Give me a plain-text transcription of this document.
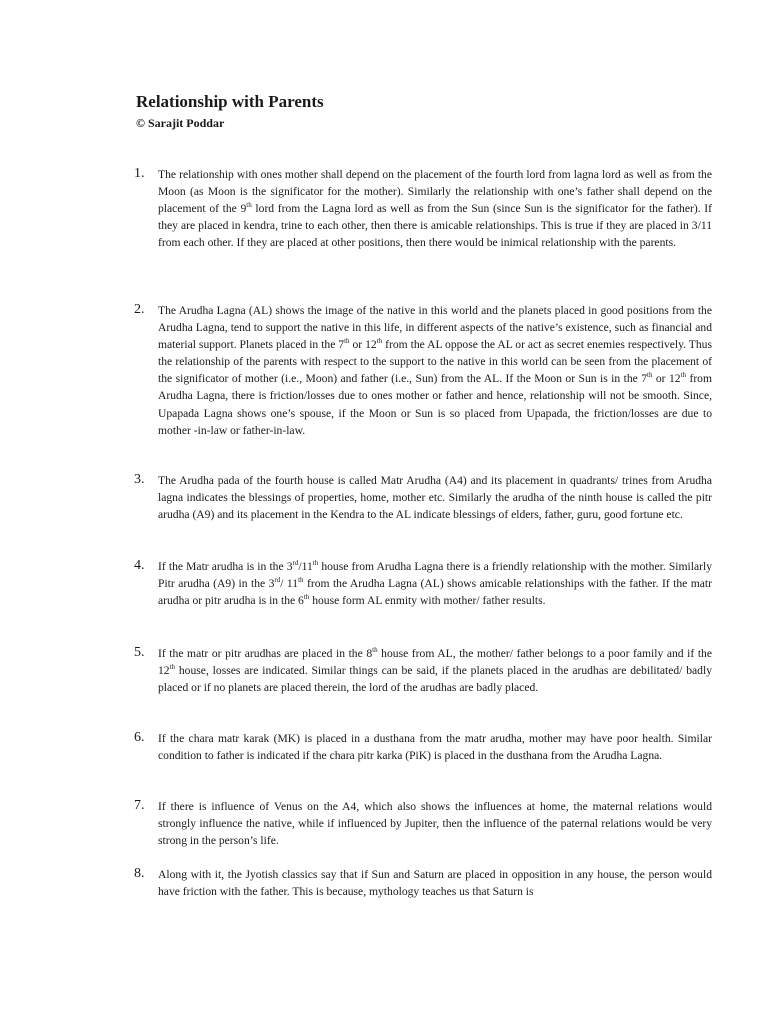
Relationship with Parents
© Sarajit Poddar
1. The relationship with ones mother shall depend on the placement of the fourth lord from lagna lord as well as from the Moon (as Moon is the significator for the mother). Similarly the relationship with one’s father shall depend on the placement of the 9th lord from the Lagna lord as well as from the Sun (since Sun is the significator for the father). If they are placed in kendra, trine to each other, then there is amicable relationships. This is true if they are placed in 3/11 from each other. If they are placed at other positions, then there would be inimical relationship with the parents.
2. The Arudha Lagna (AL) shows the image of the native in this world and the planets placed in good positions from the Arudha Lagna, tend to support the native in this life, in different aspects of the native’s existence, such as financial and material support. Planets placed in the 7th or 12th from the AL oppose the AL or act as secret enemies respectively. Thus the relationship of the parents with respect to the support to the native in this world can be seen from the placement of the significator of mother (i.e., Moon) and father (i.e., Sun) from the AL. If the Moon or Sun is in the 7th or 12th from Arudha Lagna, there is friction/losses due to ones mother or father and hence, relationship will not be smooth. Since, Upapada Lagna shows one’s spouse, if the Moon or Sun is so placed from Upapada, the friction/losses are due to mother -in-law or father-in-law.
3. The Arudha pada of the fourth house is called Matr Arudha (A4) and its placement in quadrants/ trines from Arudha lagna indicates the blessings of properties, home, mother etc. Similarly the arudha of the ninth house is called the pitr arudha (A9) and its placement in the Kendra to the AL indicate blessings of elders, father, guru, good fortune etc.
4. If the Matr arudha is in the 3rd/11th house from Arudha Lagna there is a friendly relationship with the mother. Similarly Pitr arudha (A9) in the 3rd/ 11th from the Arudha Lagna (AL) shows amicable relationships with the father. If the matr arudha or pitr arudha is in the 6th house form AL enmity with mother/ father results.
5. If the matr or pitr arudhas are placed in the 8th house from AL, the mother/ father belongs to a poor family and if the 12th house, losses are indicated. Similar things can be said, if the planets placed in the arudhas are debilitated/ badly placed or if no planets are placed therein, the lord of the arudhas are badly placed.
6. If the chara matr karak (MK) is placed in a dusthana from the matr arudha, mother may have poor health. Similar condition to father is indicated if the chara pitr karka (PiK) is placed in the dusthana from the Arudha Lagna.
7. If there is influence of Venus on the A4, which also shows the influences at home, the maternal relations would strongly influence the native, while if influenced by Jupiter, then the influence of the paternal relations would be very strong in the person’s life.
8. Along with it, the Jyotish classics say that if Sun and Saturn are placed in opposition in any house, the person would have friction with the father. This is because, mythology teaches us that Saturn is
